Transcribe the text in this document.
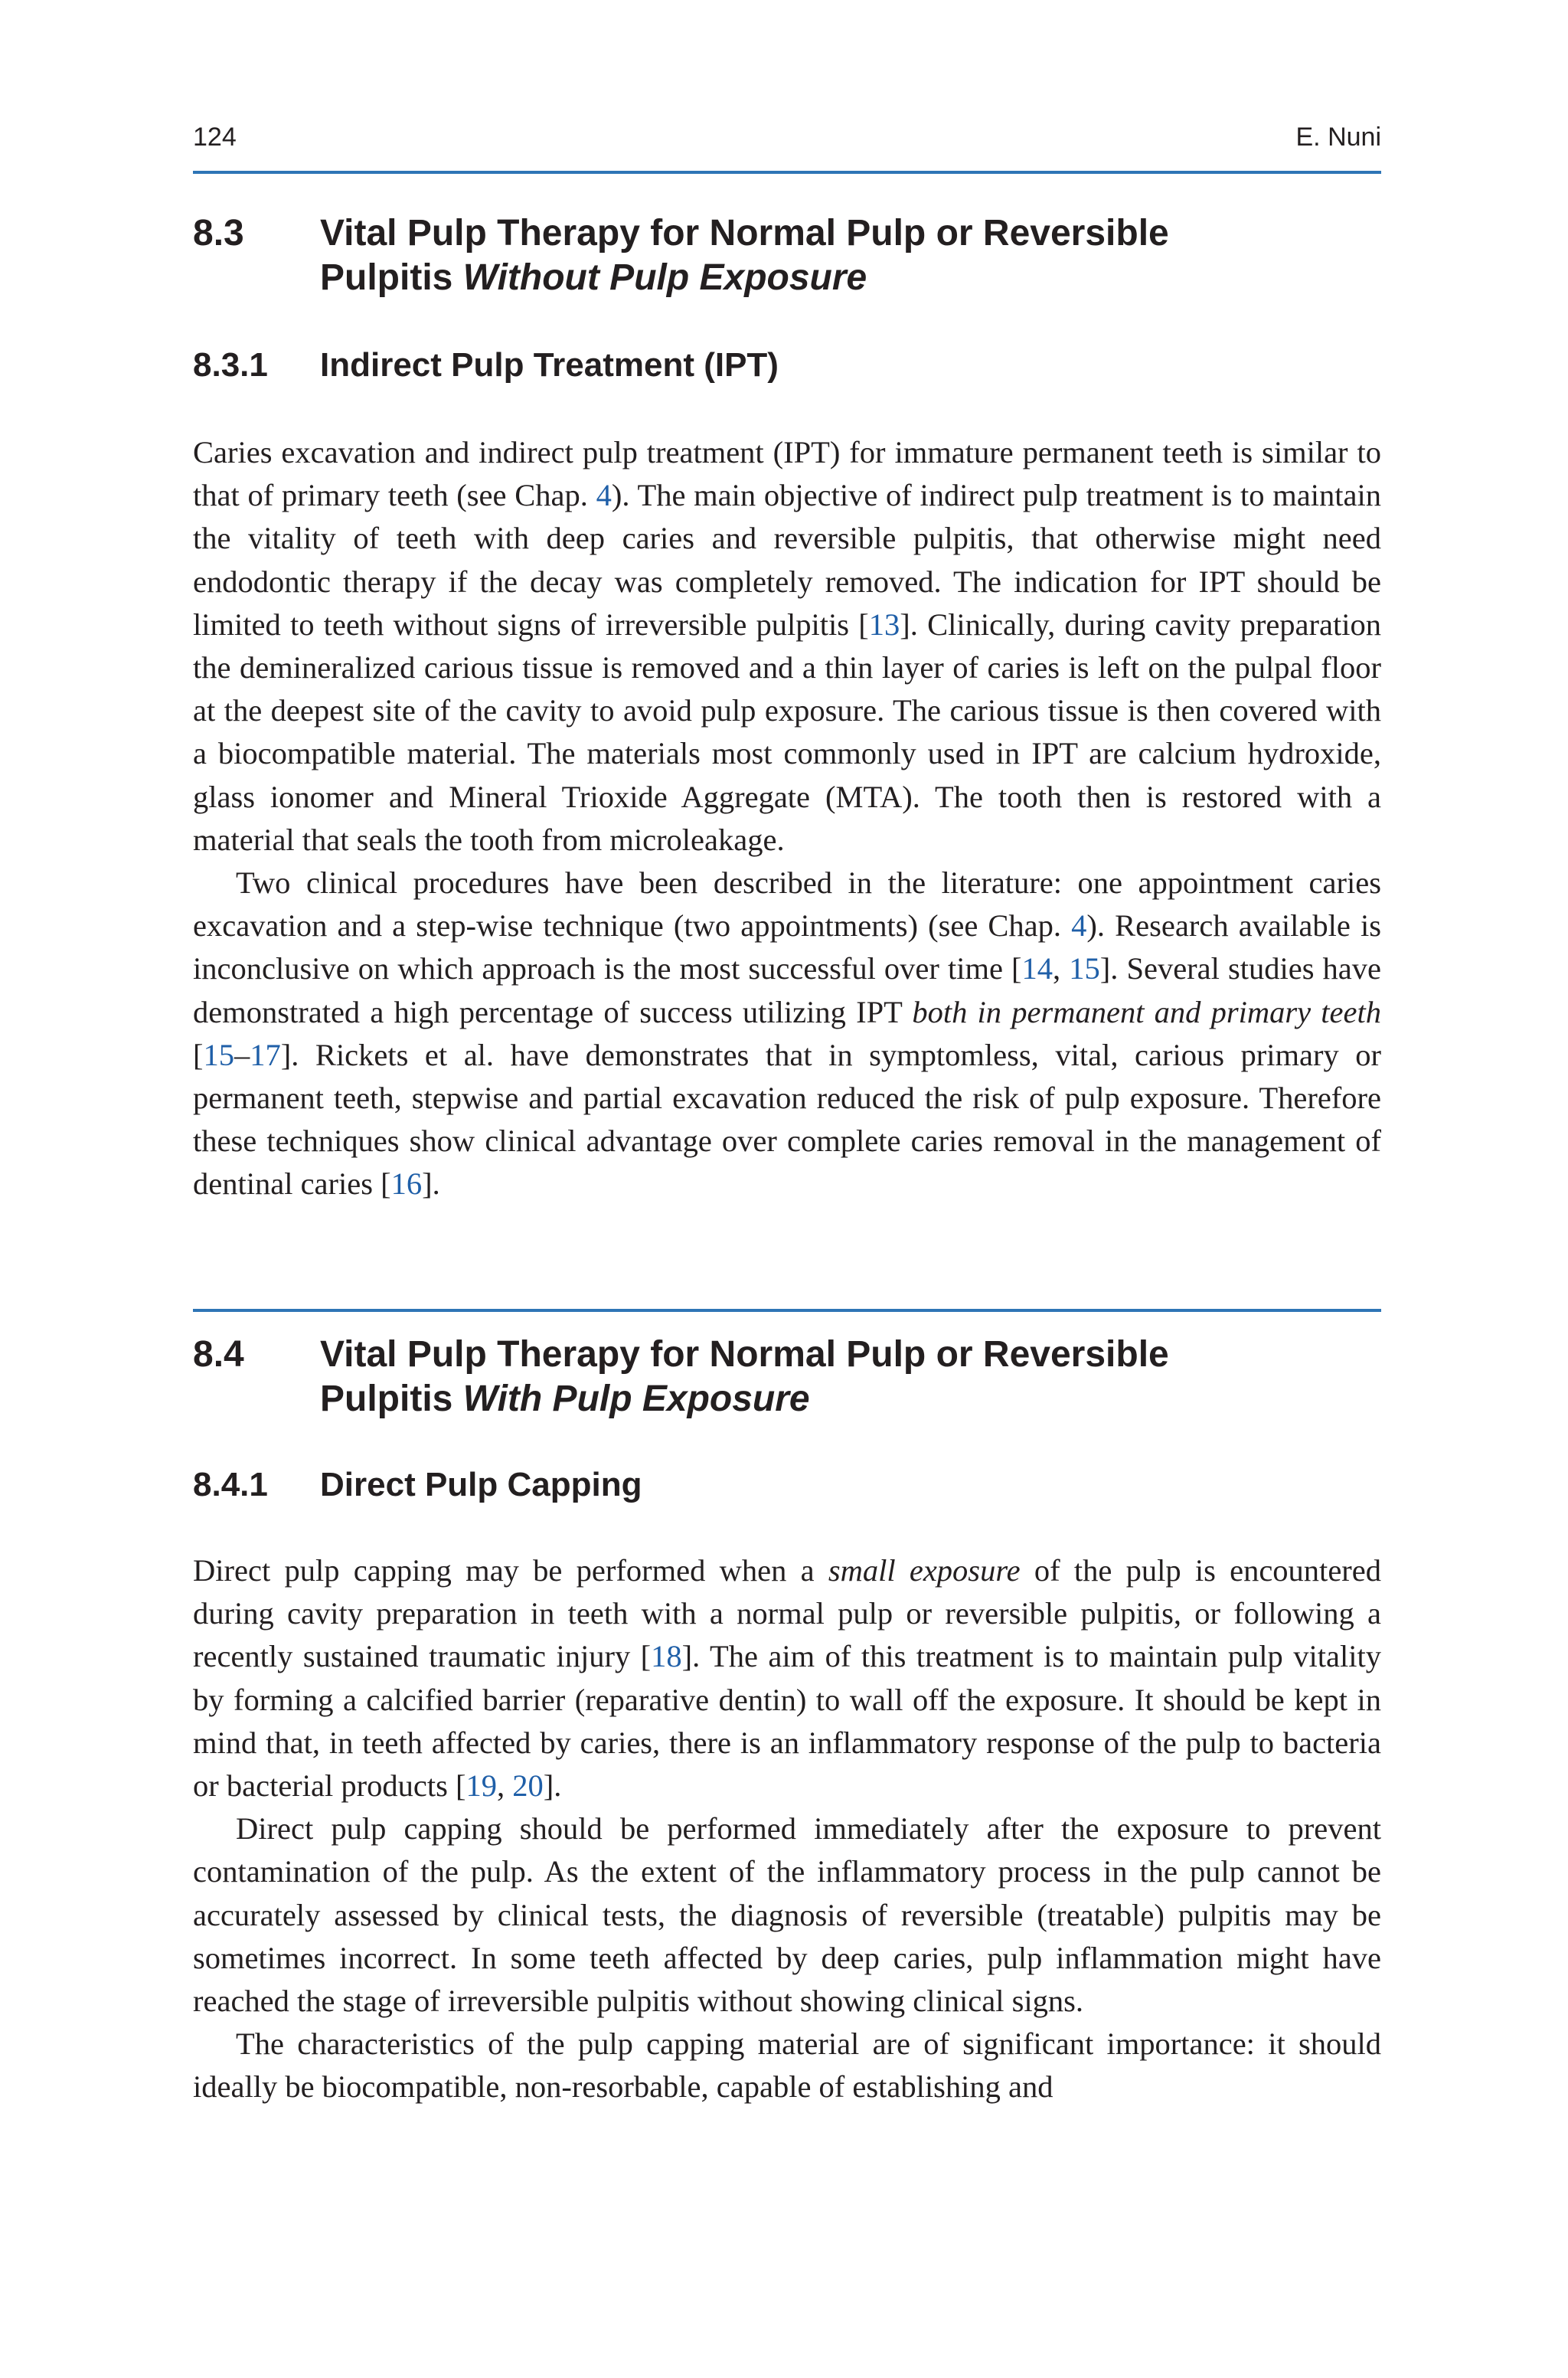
124	E. Nuni
8.3 Vital Pulp Therapy for Normal Pulp or Reversible
Pulpitis Without Pulp Exposure
8.3.1 Indirect Pulp Treatment (IPT)

Caries excavation and indirect pulp treatment (IPT) for immature permanent teeth is similar to that of primary teeth (see Chap. 4). The main objective of indirect pulp treatment is to maintain the vitality of teeth with deep caries and reversible pulpitis, that otherwise might need endodontic therapy if the decay was completely removed. The indication for IPT should be limited to teeth without signs of irreversible pulpitis [13]. Clinically, during cavity preparation the demineralized carious tissue is removed and a thin layer of caries is left on the pulpal floor at the deepest site of the cavity to avoid pulp exposure. The carious tissue is then covered with a biocompatible material. The materials most commonly used in IPT are calcium hydroxide, glass ionomer and Mineral Trioxide Aggregate (MTA). The tooth then is restored with a material that seals the tooth from microleakage.

Two clinical procedures have been described in the literature: one appointment caries excavation and a step-wise technique (two appointments) (see Chap. 4). Research available is inconclusive on which approach is the most successful over time [14, 15]. Several studies have demonstrated a high percentage of success utilizing IPT both in permanent and primary teeth [15–17]. Rickets et al. have demonstrates that in symptomless, vital, carious primary or permanent teeth, stepwise and partial excavation reduced the risk of pulp exposure. Therefore these techniques show clinical advantage over complete caries removal in the management of dentinal caries [16].

8.4 Vital Pulp Therapy for Normal Pulp or Reversible
Pulpitis With Pulp Exposure
8.4.1 Direct Pulp Capping

Direct pulp capping may be performed when a small exposure of the pulp is encountered during cavity preparation in teeth with a normal pulp or reversible pulpitis, or following a recently sustained traumatic injury [18]. The aim of this treatment is to maintain pulp vitality by forming a calcified barrier (reparative dentin) to wall off the exposure. It should be kept in mind that, in teeth affected by caries, there is an inflammatory response of the pulp to bacteria or bacterial products [19, 20].

Direct pulp capping should be performed immediately after the exposure to prevent contamination of the pulp. As the extent of the inflammatory process in the pulp cannot be accurately assessed by clinical tests, the diagnosis of reversible (treatable) pulpitis may be sometimes incorrect. In some teeth affected by deep caries, pulp inflammation might have reached the stage of irreversible pulpitis without showing clinical signs.

The characteristics of the pulp capping material are of significant importance: it should ideally be biocompatible, non-resorbable, capable of establishing and
